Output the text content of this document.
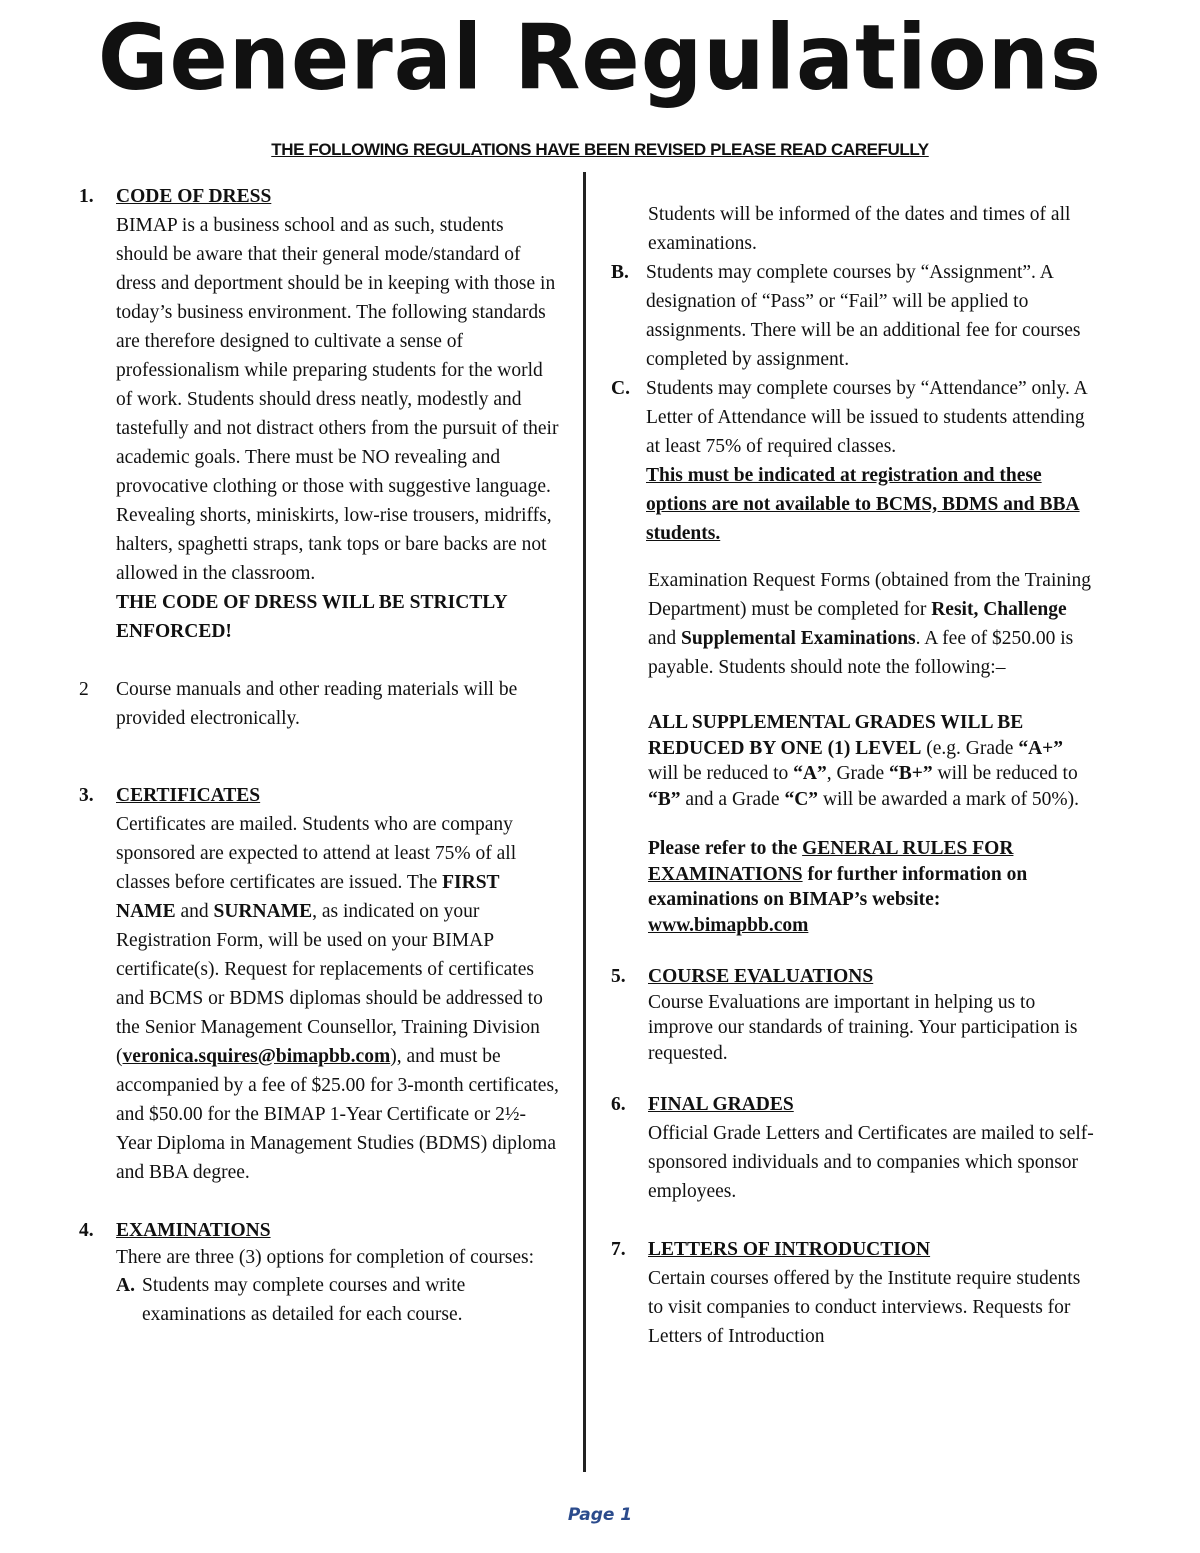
General Regulations
THE FOLLOWING REGULATIONS HAVE BEEN REVISED PLEASE READ CAREFULLY
1. CODE OF DRESS

BIMAP is a business school and as such, students should be aware that their general mode/standard of dress and deportment should be in keeping with those in today’s business environment. The following standards are therefore designed to cultivate a sense of professionalism while preparing students for the world of work. Students should dress neatly, modestly and tastefully and not distract others from the pursuit of their academic goals. There must be NO revealing and provocative clothing or those with suggestive language. Revealing shorts, miniskirts, low-rise trousers, midriffs, halters, spaghetti straps, tank tops or bare backs are not allowed in the classroom.

THE CODE OF DRESS WILL BE STRICTLY ENFORCED!

2 Course manuals and other reading materials will be provided electronically.

3. CERTIFICATES

Certificates are mailed. Students who are company sponsored are expected to attend at least 75% of all classes before certificates are issued. The FIRST NAME and SURNAME, as indicated on your Registration Form, will be used on your BIMAP certificate(s). Request for replacements of certificates and BCMS or BDMS diplomas should be addressed to the Senior Management Counsellor, Training Division (veronica.squires@bimapbb.com), and must be accompanied by a fee of $25.00 for 3-month certificates, and $50.00 for the BIMAP 1-Year Certificate or 2½-Year Diploma in Management Studies (BDMS) diploma and BBA degree.

4. EXAMINATIONS

There are three (3) options for completion of courses:

A. Students may complete courses and write examinations as detailed for each course.

Students will be informed of the dates and times of all examinations.

B. Students may complete courses by “Assignment”. A designation of “Pass” or “Fail” will be applied to assignments. There will be an additional fee for courses completed by assignment.

C. Students may complete courses by “Attendance” only. A Letter of Attendance will be issued to students attending at least 75% of required classes.

This must be indicated at registration and these options are not available to BCMS, BDMS and BBA students.

Examination Request Forms (obtained from the Training Department) must be completed for Resit, Challenge and Supplemental Examinations. A fee of $250.00 is payable. Students should note the following:–

ALL SUPPLEMENTAL GRADES WILL BE REDUCED BY ONE (1) LEVEL (e.g. Grade “A+” will be reduced to “A”, Grade “B+” will be reduced to “B” and a Grade “C” will be awarded a mark of 50%).

Please refer to the GENERAL RULES FOR EXAMINATIONS for further information on examinations on BIMAP’s website: www.bimapbb.com

5. COURSE EVALUATIONS

Course Evaluations are important in helping us to improve our standards of training. Your participation is requested.

6. FINAL GRADES

Official Grade Letters and Certificates are mailed to self-sponsored individuals and to companies which sponsor employees.

7. LETTERS OF INTRODUCTION

Certain courses offered by the Institute require students to visit companies to conduct interviews. Requests for Letters of Introduction

Page 1
